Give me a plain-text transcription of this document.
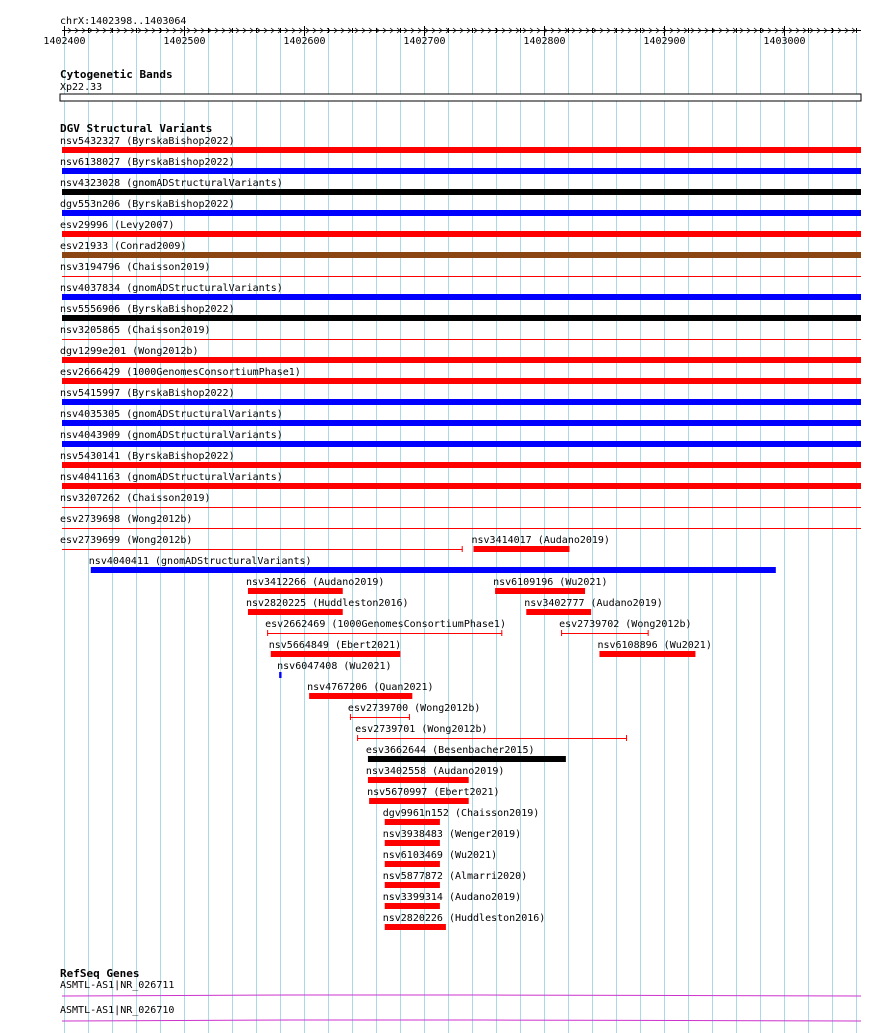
chrX:1402398..1403064
1402400	1402500	1402600	1402700	1402800	1402900	1403000
Cytogenetic Bands
Xp22.33
DGV Structural Variants
nsv5432327 (ByrskaBishop2022)
nsv6138027 (ByrskaBishop2022)
nsv4323028 (gnomADStructuralVariants)
dgv553n206 (ByrskaBishop2022)
esv29996 (Levy2007)
esv21933 (Conrad2009)
nsv3194796 (Chaisson2019)
nsv4037834 (gnomADStructuralVariants)
nsv5556906 (ByrskaBishop2022)
nsv3205865 (Chaisson2019)
dgv1299e201 (Wong2012b)
esv2666429 (1000GenomesConsortiumPhase1)
nsv5415997 (ByrskaBishop2022)
nsv4035305 (gnomADStructuralVariants)
nsv4043909 (gnomADStructuralVariants)
nsv5430141 (ByrskaBishop2022)
nsv4041163 (gnomADStructuralVariants)
nsv3207262 (Chaisson2019)
esv2739698 (Wong2012b)
esv2739699 (Wong2012b)	nsv3414017 (Audano2019)
nsv4040411 (gnomADStructuralVariants)
nsv3412266 (Audano2019)	nsv6109196 (Wu2021)
nsv2820225 (Huddleston2016)	nsv3402777 (Audano2019)
esv2662469 (1000GenomesConsortiumPhase1)	esv2739702 (Wong2012b)
nsv5664849 (Ebert2021)	nsv6108896 (Wu2021)
nsv6047408 (Wu2021)
nsv4767206 (Quan2021)
esv2739700 (Wong2012b)
esv2739701 (Wong2012b)
esv3662644 (Besenbacher2015)
nsv3402558 (Audano2019)
nsv5670997 (Ebert2021)
dgv9961n152 (Chaisson2019)
nsv3938483 (Wenger2019)
nsv6103469 (Wu2021)
nsv5877872 (Almarri2020)
nsv3399314 (Audano2019)
nsv2820226 (Huddleston2016)
RefSeq Genes
ASMTL-AS1|NR_026711
ASMTL-AS1|NR_026710
